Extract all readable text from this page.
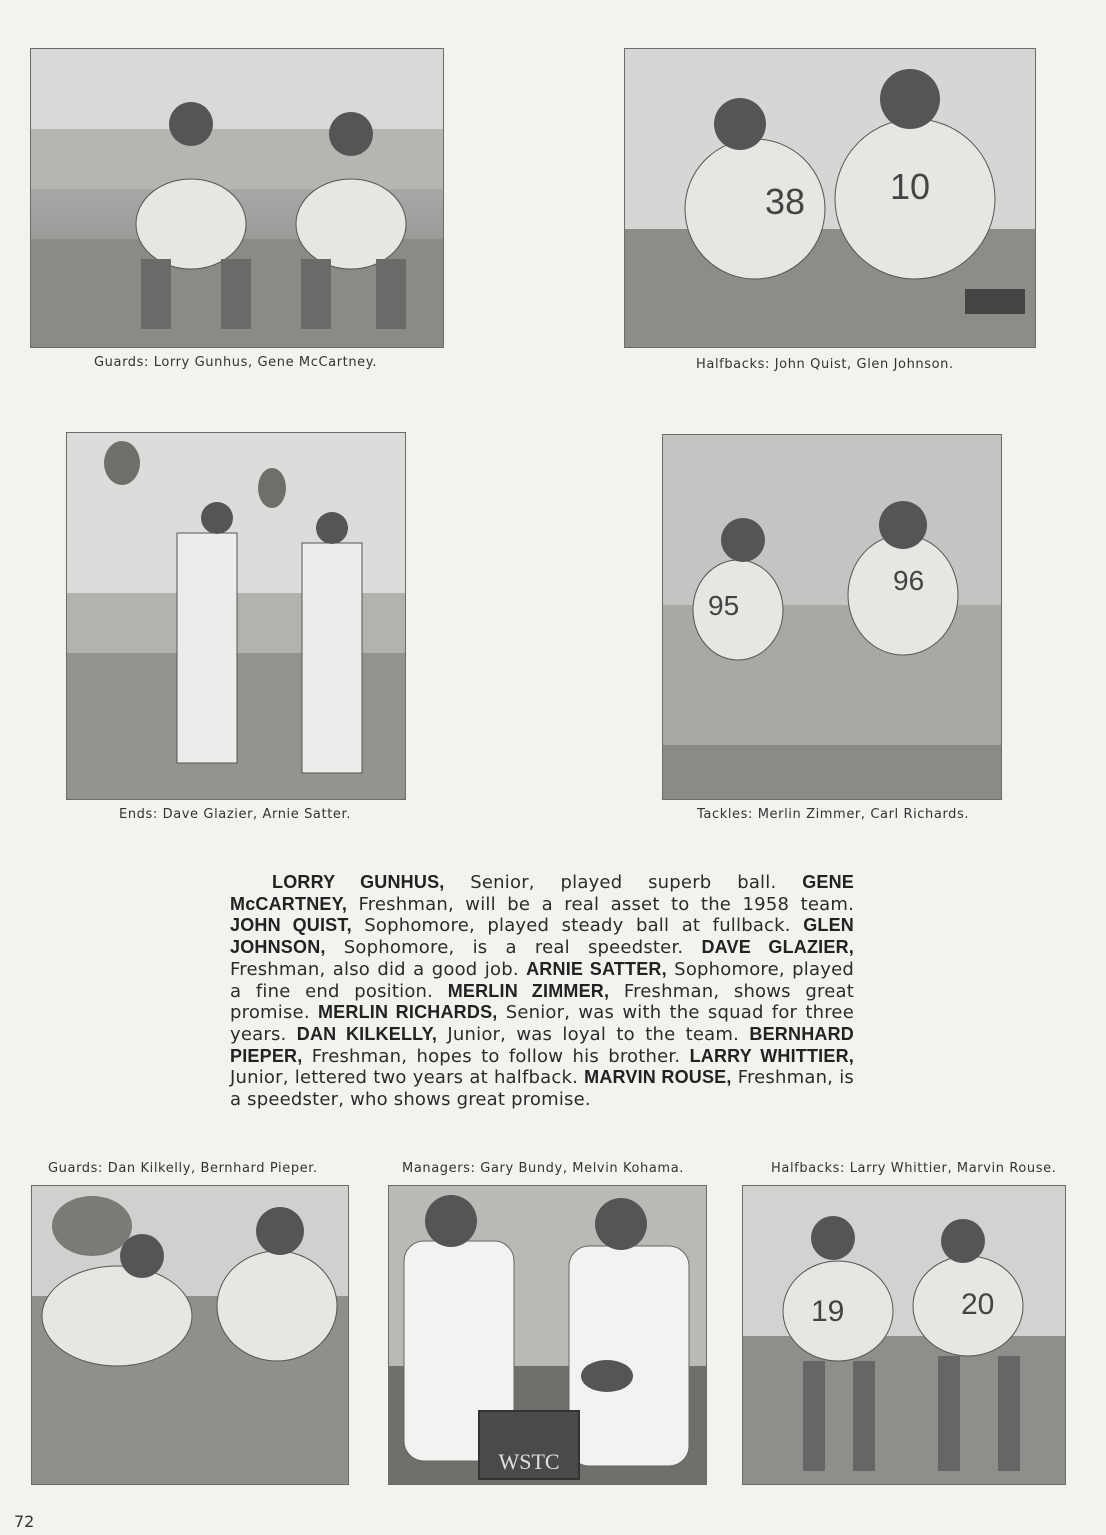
Guards: Lorry Gunhus, Gene McCartney.
38 10
Halfbacks: John Quist, Glen Johnson.
Ends: Dave Glazier, Arnie Satter.
95
96
Tackles: Merlin Zimmer, Carl Richards.
LORRY GUNHUS, Senior, played superb ball. GENE McCARTNEY, Freshman, will be a real asset to the 1958 team. JOHN QUIST, Sophomore, played steady ball at fullback. GLEN JOHNSON, Sophomore, is a real speedster. DAVE GLAZIER, Freshman, also did a good job. ARNIE SATTER, Sophomore, played a fine end position. MERLIN ZIMMER, Freshman, shows great promise. MERLIN RICHARDS, Senior, was with the squad for three years. DAN KILKELLY, Junior, was loyal to the team. BERNHARD PIEPER, Freshman, hopes to follow his brother. LARRY WHITTIER, Junior, lettered two years at halfback. MARVIN ROUSE, Freshman, is a speedster, who shows great promise.
Guards: Dan Kilkelly, Bernhard Pieper.	Managers: Gary Bundy, Melvin Kohama.	Halfbacks: Larry Whittier, Marvin Rouse.
WSTC
19	20
72
